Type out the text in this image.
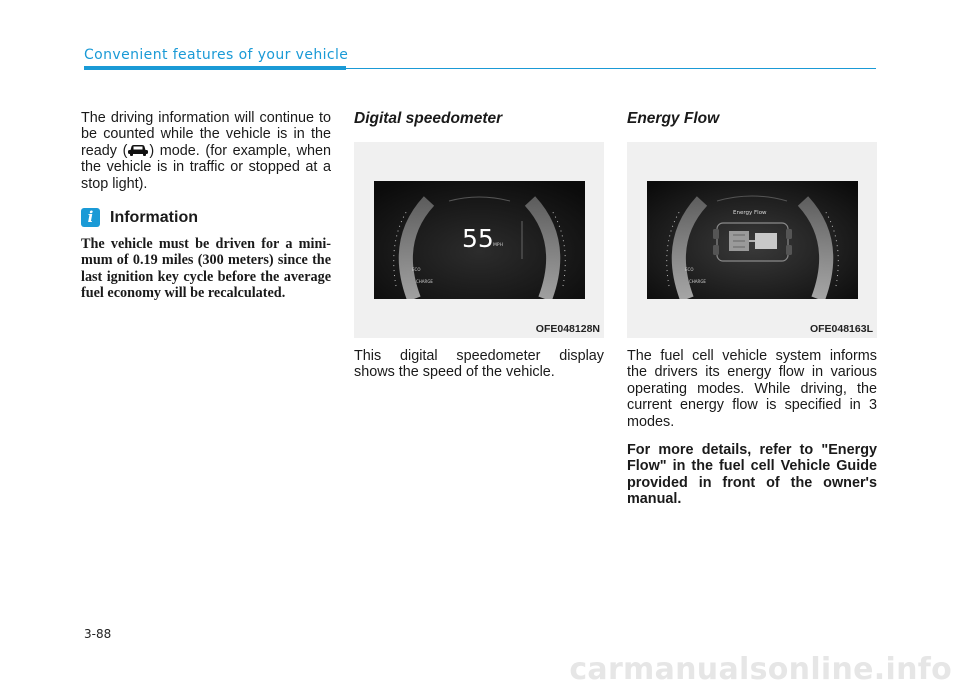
Convenient features of your vehicle

The driving information will continue to be counted while the vehicle is in the ready ( ) mode. (for example, when the vehicle is in traffic or stopped at a stop light).

i	Information

The vehicle must be driven for a mini-mum of 0.19 miles (300 meters) since the last ignition key cycle before the average fuel economy will be recalculated.

Digital speedometer
55 MPH
ECO
CHARGE
OFE048128N

This digital speedometer display shows the speed of the vehicle.

Energy Flow
Energy Flow
ECO
CHARGE
OFE048163L

The fuel cell vehicle system informs the drivers its energy flow in various operating modes. While driving, the current energy flow is specified in 3 modes.

For more details, refer to "Energy Flow" in the fuel cell Vehicle Guide provided in front of the owner's manual.

3-88
carmanualsonline.info
